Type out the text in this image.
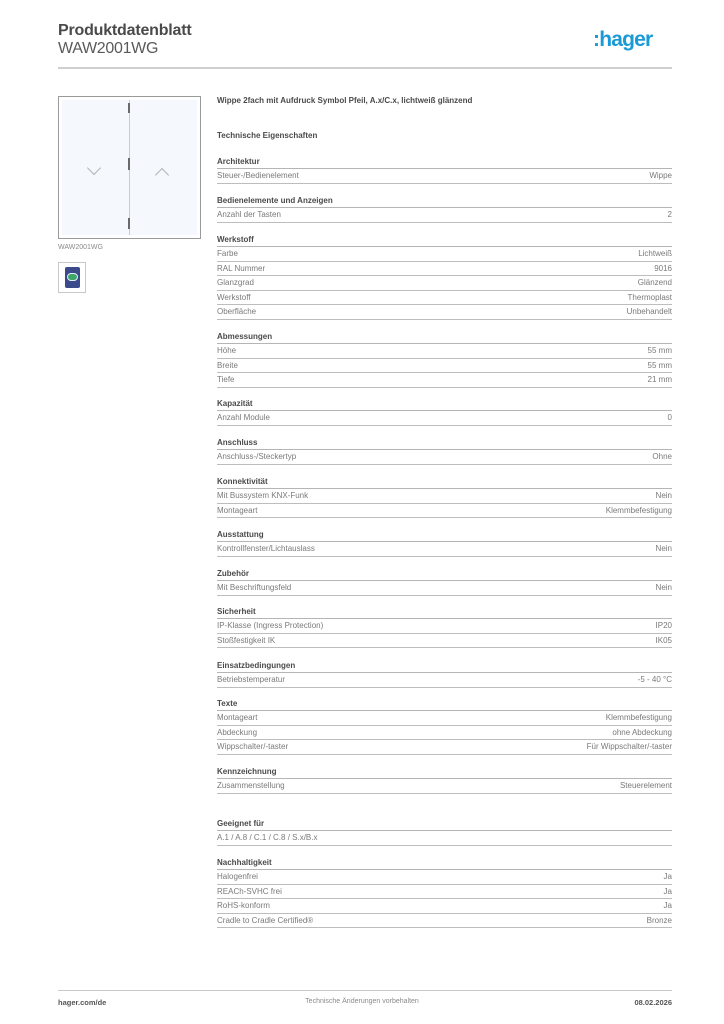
Produktdatenblatt
WAW2001WG	:hager
WAW2001WG
Wippe 2fach mit Aufdruck Symbol Pfeil, A.x/C.x, lichtweiß glänzend
Technische Eigenschaften
Architektur
Steuer-/Bedienelement	Wippe
Bedienelemente und Anzeigen
Anzahl der Tasten	2
Werkstoff
Farbe	Lichtweiß
RAL Nummer	9016
Glanzgrad	Glänzend
Werkstoff	Thermoplast
Oberfläche	Unbehandelt
Abmessungen
Höhe	55 mm
Breite	55 mm
Tiefe	21 mm
Kapazität
Anzahl Module	0
Anschluss
Anschluss-/Steckertyp	Ohne
Konnektivität
Mit Bussystem KNX-Funk	Nein
Montageart	Klemmbefestigung
Ausstattung
Kontrollfenster/Lichtauslass	Nein
Zubehör
Mit Beschriftungsfeld	Nein
Sicherheit
IP-Klasse (Ingress Protection)	IP20
Stoßfestigkeit IK	IK05
Einsatzbedingungen
Betriebstemperatur	-5 - 40 °C
Texte
Montageart	Klemmbefestigung
Abdeckung	ohne Abdeckung
Wippschalter/-taster	Für Wippschalter/-taster
Kennzeichnung
Zusammenstellung	Steuerelement
Geeignet für
A.1 / A.8 / C.1 / C.8 / S.x/B.x
Nachhaltigkeit
Halogenfrei	Ja
REACh-SVHC frei	Ja
RoHS-konform	Ja
Cradle to Cradle Certified®	Bronze
hager.com/de	Technische Änderungen vorbehalten	08.02.2026
